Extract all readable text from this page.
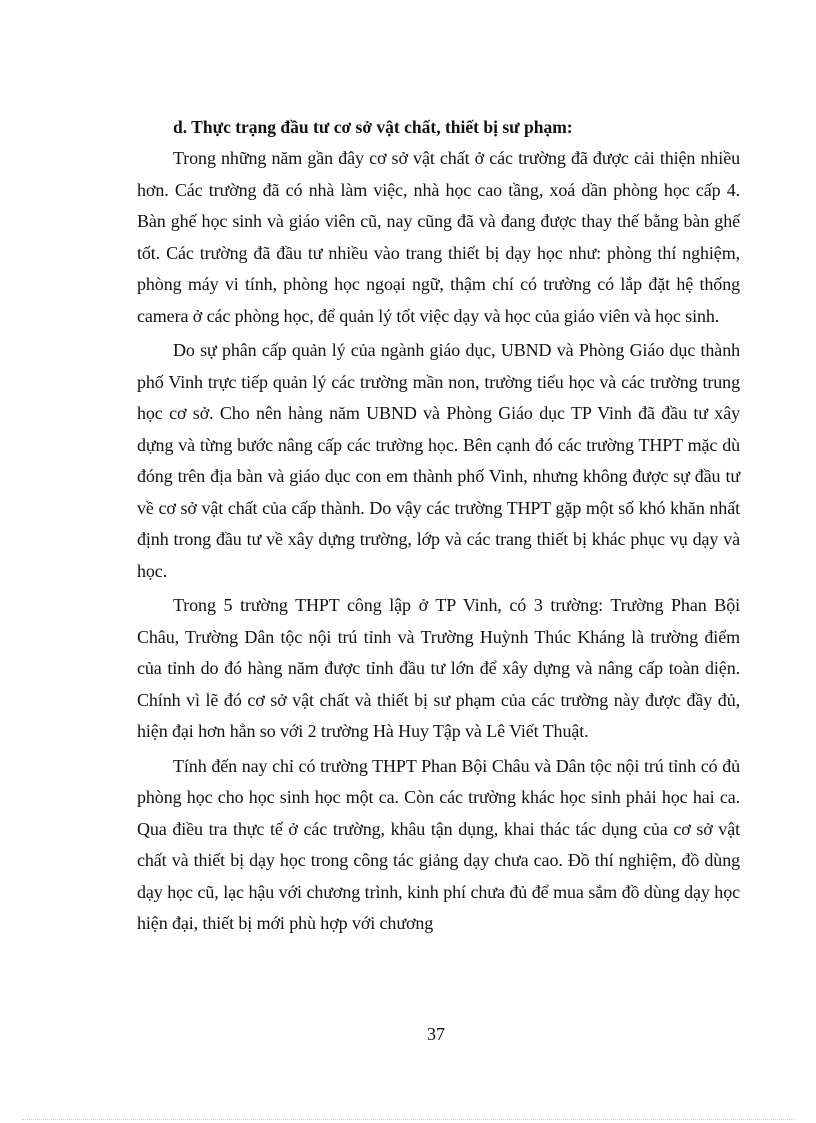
d. Thực trạng đầu tư cơ sở vật chất, thiết bị sư phạm:

Trong những năm gần đây cơ sở vật chất ở các trường đã được cải thiện nhiều hơn. Các trường đã có nhà làm việc, nhà học cao tầng, xoá dần phòng học cấp 4. Bàn ghế học sinh và giáo viên cũ, nay cũng đã và đang được thay thế bằng bàn ghế tốt. Các trường đã đầu tư nhiều vào trang thiết bị dạy học như: phòng thí nghiệm, phòng máy vi tính, phòng học ngoại ngữ, thậm chí có trường có lắp đặt hệ thống camera ở các phòng học, để quản lý tốt việc dạy và học của giáo viên và học sinh.

Do sự phân cấp quản lý của ngành giáo dục, UBND và Phòng Giáo dục thành phố Vinh trực tiếp quản lý các trường mần non, trường tiểu học và các trường trung học cơ sở. Cho nên hàng năm UBND và Phòng Giáo dục TP Vinh đã đầu tư xây dựng và từng bước nâng cấp các trường học. Bên cạnh đó các trường THPT mặc dù đóng trên địa bàn và giáo dục con em thành phố Vinh, nhưng không được sự đầu tư về cơ sở vật chất của cấp thành. Do vậy các trường THPT gặp một số khó khăn nhất định trong đầu tư về xây dựng trường, lớp và các trang thiết bị khác phục vụ dạy và học.

Trong 5 trường THPT công lập ở TP Vinh, có 3 trường: Trường Phan Bội Châu, Trường Dân tộc nội trú tỉnh và Trường Huỳnh Thúc Kháng là trường điểm của tỉnh do đó hàng năm được tỉnh đầu tư lớn để xây dựng và nâng cấp toàn diện. Chính vì lẽ đó cơ sở vật chất và thiết bị sư phạm của các trường này được đầy đủ, hiện đại hơn hẳn so với 2 trường Hà Huy Tập và Lê Viết Thuật.

Tính đến nay chỉ có trường THPT Phan Bội Châu và Dân tộc nội trú tỉnh có đủ phòng học cho học sinh học một ca. Còn các trường khác học sinh phải học hai ca. Qua điều tra thực tế ở các trường, khâu tận dụng, khai thác tác dụng của cơ sở vật chất và thiết bị dạy học trong công tác giảng dạy chưa cao. Đồ thí nghiệm, đồ dùng dạy học cũ, lạc hậu với chương trình, kinh phí chưa đủ để mua sắm đồ dùng dạy học hiện đại, thiết bị mới phù hợp với chương

37
